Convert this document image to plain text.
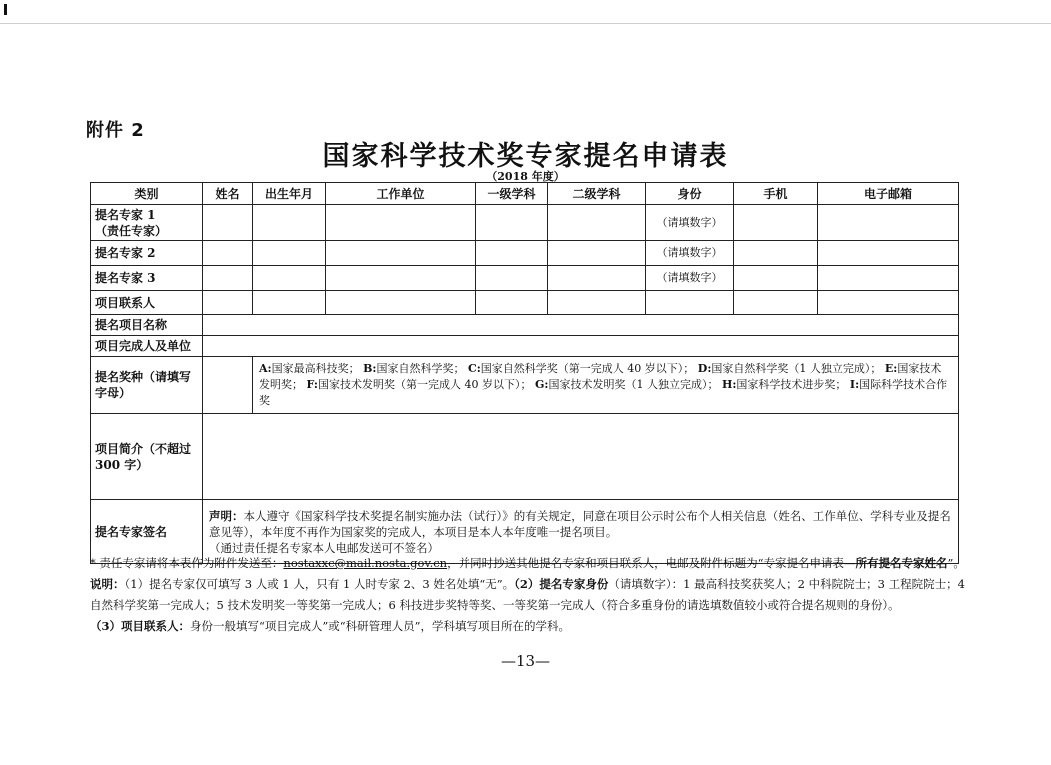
附件 2
国家科学技术奖专家提名申请表
（2018 年度）
类别	姓名	出生年月	工作单位	一级学科	二级学科	身份	手机	电子邮箱

提名专家 1
（责任专家）						（请填数字）		
提名专家 2						（请填数字）		
提名专家 3						（请填数字）		
项目联系人								
提名项目名称								
项目完成人及单位								
提名奖种（请填写字母）		A:国家最高科技奖； B:国家自然科学奖； C:国家自然科学奖（第一完成人 40 岁以下）； D:国家自然科学奖（1 人独立完成）； E:国家技术发明奖； F:国家技术发明奖（第一完成人 40 岁以下）； G:国家技术发明奖（1 人独立完成）； H:国家科学技术进步奖； I:国际科学技术合作奖						
项目简介（不超过 300 字）								
提名专家签名	声明：本人遵守《国家科学技术奖提名制实施办法（试行）》的有关规定，同意在项目公示时公布个人相关信息（姓名、工作单位、学科专业及提名意见等），本年度不再作为国家奖的完成人，本项目是本人本年度唯一提名项目。
（通过责任提名专家本人电邮发送可不签名）							

* 责任专家请将本表作为附件发送至：nostaxxc@mail.nosta.gov.cn，并同时抄送其他提名专家和项目联系人，电邮及附件标题为“专家提名申请表—所有提名专家姓名”。

说明：（1）提名专家仅可填写 3 人或 1 人，只有 1 人时专家 2、3 姓名处填“无”。（2）提名专家身份（请填数字）：1 最高科技奖获奖人；2 中科院院士；3 工程院院士；4 自然科学奖第一完成人；5 技术发明奖一等奖第一完成人；6 科技进步奖特等奖、一等奖第一完成人（符合多重身份的请选填数值较小或符合提名规则的身份）。

（3）项目联系人：身份一般填写“项目完成人”或“科研管理人员”，学科填写项目所在的学科。

—13—
